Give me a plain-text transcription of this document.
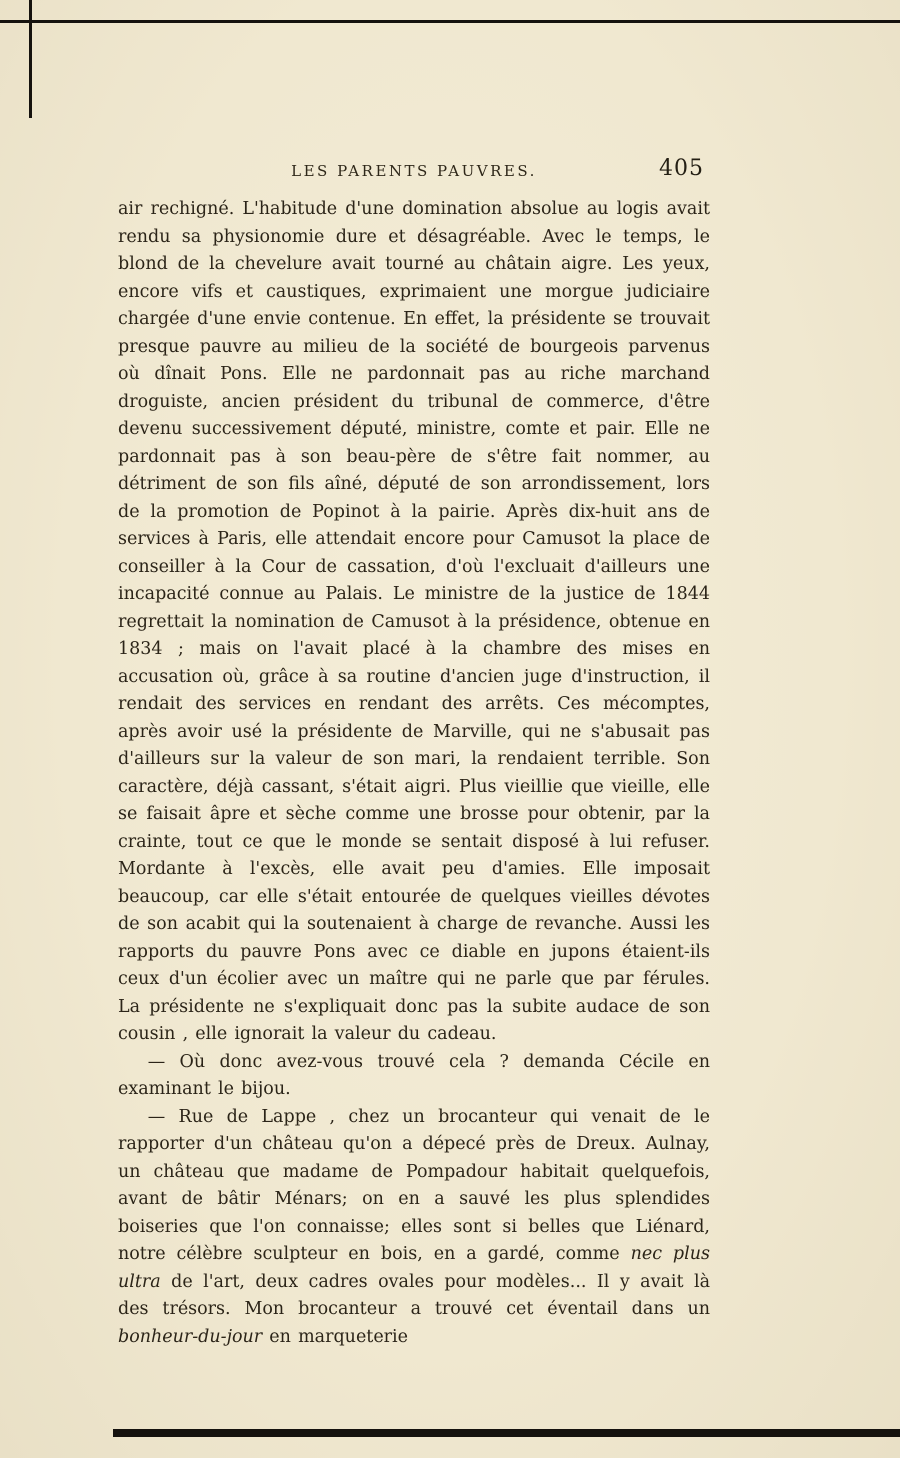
LES PARENTS PAUVRES.	405

air rechigné. L'habitude d'une domination absolue au logis avait rendu sa physionomie dure et désagréable. Avec le temps, le blond de la chevelure avait tourné au châtain aigre. Les yeux, encore vifs et caustiques, exprimaient une morgue judiciaire chargée d'une envie contenue. En effet, la présidente se trouvait presque pauvre au milieu de la société de bourgeois parvenus où dînait Pons. Elle ne pardonnait pas au riche marchand droguiste, ancien président du tribunal de commerce, d'être devenu successivement député, ministre, comte et pair. Elle ne pardonnait pas à son beau-père de s'être fait nommer, au détriment de son fils aîné, député de son arrondissement, lors de la promotion de Popinot à la pairie. Après dix-huit ans de services à Paris, elle attendait encore pour Camusot la place de conseiller à la Cour de cassation, d'où l'excluait d'ailleurs une incapacité connue au Palais. Le ministre de la justice de 1844 regrettait la nomination de Camusot à la présidence, obtenue en 1834 ; mais on l'avait placé à la chambre des mises en accusation où, grâce à sa routine d'ancien juge d'instruction, il rendait des services en rendant des arrêts. Ces mécomptes, après avoir usé la présidente de Marville, qui ne s'abusait pas d'ailleurs sur la valeur de son mari, la rendaient terrible. Son caractère, déjà cassant, s'était aigri. Plus vieillie que vieille, elle se faisait âpre et sèche comme une brosse pour obtenir, par la crainte, tout ce que le monde se sentait disposé à lui refuser. Mordante à l'excès, elle avait peu d'amies. Elle imposait beaucoup, car elle s'était entourée de quelques vieilles dévotes de son acabit qui la soutenaient à charge de revanche. Aussi les rapports du pauvre Pons avec ce diable en jupons étaient-ils ceux d'un écolier avec un maître qui ne parle que par férules. La présidente ne s'expliquait donc pas la subite audace de son cousin , elle ignorait la valeur du cadeau.

— Où donc avez-vous trouvé cela ? demanda Cécile en examinant le bijou.

— Rue de Lappe , chez un brocanteur qui venait de le rapporter d'un château qu'on a dépecé près de Dreux. Aulnay, un château que madame de Pompadour habitait quelquefois, avant de bâtir Ménars; on en a sauvé les plus splendides boiseries que l'on connaisse; elles sont si belles que Liénard, notre célèbre sculpteur en bois, en a gardé, comme nec plus ultra de l'art, deux cadres ovales pour modèles... Il y avait là des trésors. Mon brocanteur a trouvé cet éventail dans un bonheur-du-jour en marqueterie
